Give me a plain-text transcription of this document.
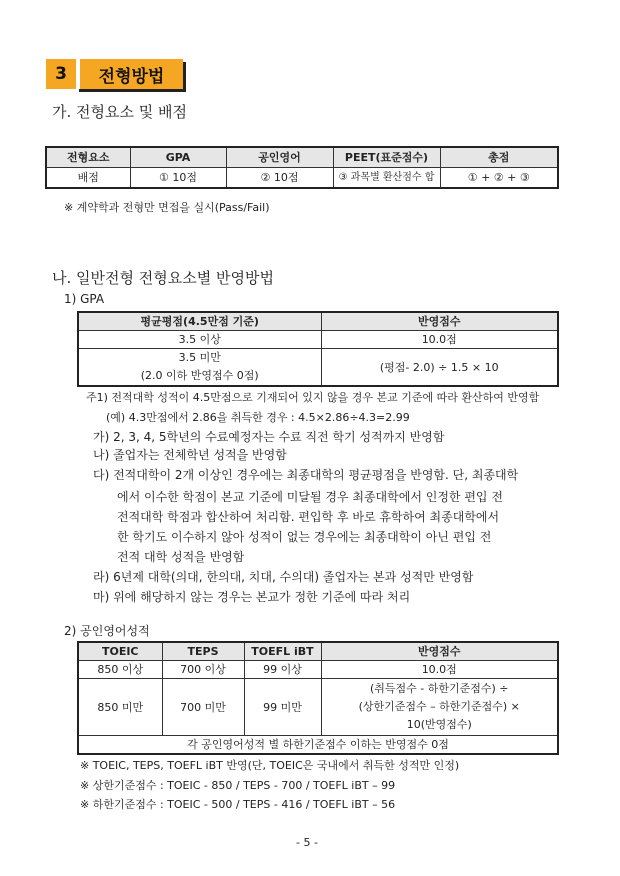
3	전형방법
가. 전형요소 및 배점
전형요소	GPA	공인영어	PEET(표준점수)	총점
배점	① 10점	② 10점	③ 과목별 환산점수 합	① + ② + ③
※ 계약학과 전형만 면접을 실시(Pass/Fail)
나. 일반전형 전형요소별 반영방법
1) GPA
평균평점(4.5만점 기준)	반영점수
3.5 이상	10.0점

3.5 미만
(2.0 이하 반영점수 0점)	(평점- 2.0) ÷ 1.5 × 10
주1) 전적대학 성적이 4.5만점으로 기재되어 있지 않을 경우 본교 기준에 따라 환산하여 반영함
(예) 4.3만점에서 2.86을 취득한 경우 : 4.5×2.86÷4.3=2.99
가) 2, 3, 4, 5학년의 수료예정자는 수료 직전 학기 성적까지 반영함
나) 졸업자는 전체학년 성적을 반영함
다) 전적대학이 2개 이상인 경우에는 최종대학의 평균평점을 반영함. 단, 최종대학
에서 이수한 학점이 본교 기준에 미달될 경우 최종대학에서 인정한 편입 전
전적대학 학점과 합산하여 처리함. 편입학 후 바로 휴학하여 최종대학에서
한 학기도 이수하지 않아 성적이 없는 경우에는 최종대학이 아닌 편입 전
전적 대학 성적을 반영함
라) 6년제 대학(의대, 한의대, 치대, 수의대) 졸업자는 본과 성적만 반영함
마) 위에 해당하지 않는 경우는 본교가 정한 기준에 따라 처리
2) 공인영어성적
TOEIC	TEPS	TOEFL iBT	반영점수
850 이상	700 이상	99 이상	10.0점
850 미만	700 미만	99 미만	(취득점수 - 하한기준점수) ÷
(상한기준점수 – 하한기준점수) ×
10(반영점수)

각 공인영어성적 별 하한기준점수 이하는 반영점수 0점			
※ TOEIC, TEPS, TOEFL iBT 반영(단, TOEIC은 국내에서 취득한 성적만 인정)
※ 상한기준점수 : TOEIC - 850 / TEPS - 700 / TOEFL iBT – 99
※ 하한기준점수 : TOEIC - 500 / TEPS - 416 / TOEFL iBT – 56
- 5 -
